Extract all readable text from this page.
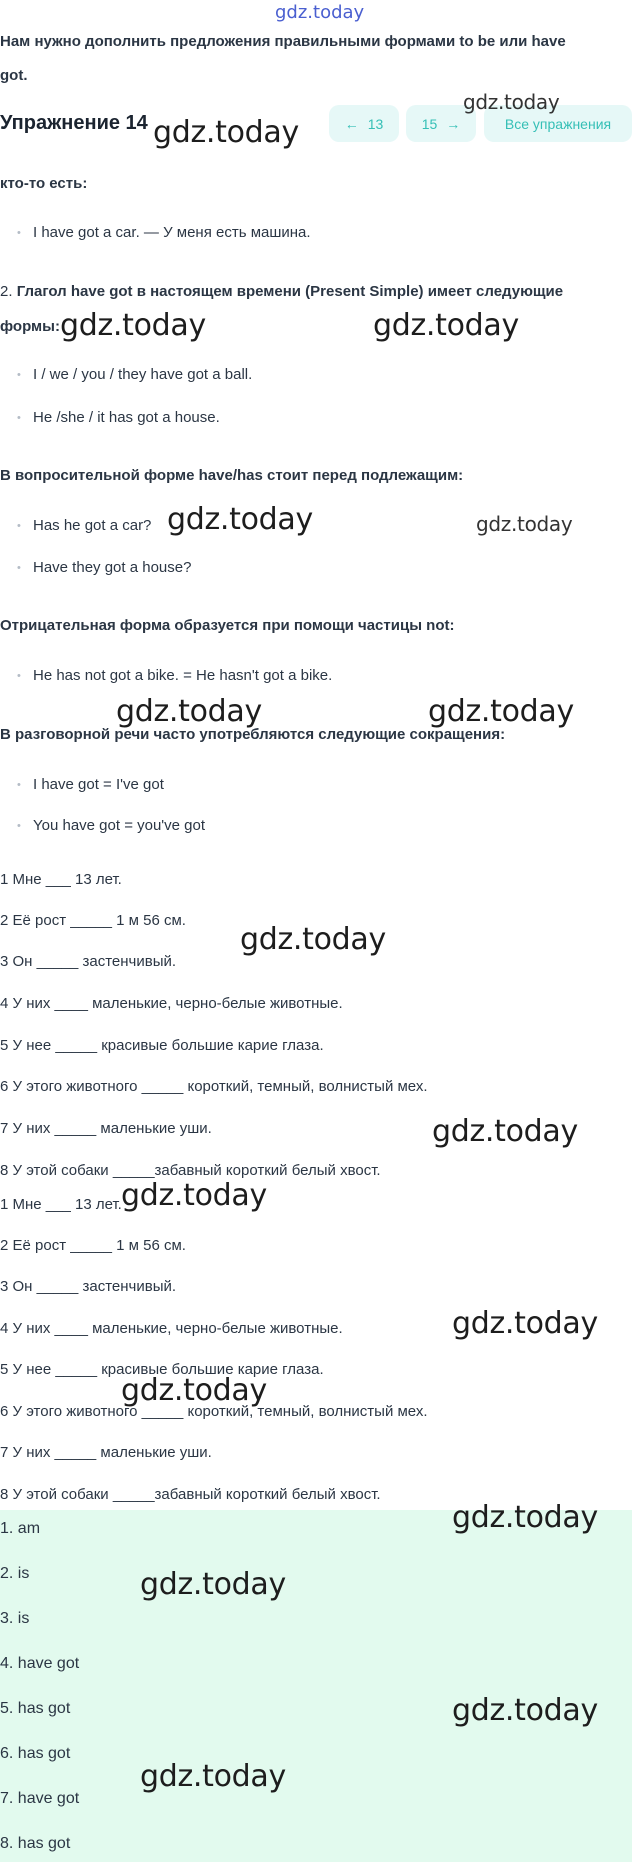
gdz.today
Нам нужно дополнить предложения правильными формами to be или have
got.
Упражнение 14	← 13	15 →	Все упражнения
кто-то есть:
• I have got a car. — У меня есть машина.
2. Глагол have got в настоящем времени (Present Simple) имеет следующие
формы:
• I / we / you / they have got a ball.
• He /she / it has got a house.
В вопросительной форме have/has стоит перед подлежащим:
• Has he got a car?
• Have they got a house?
Отрицательная форма образуется при помощи частицы not:
• He has not got a bike. = He hasn't got a bike.
В разговорной речи часто употребляются следующие сокращения:
• I have got = I've got
• You have got = you've got
1 Мне ___ 13 лет.
2 Её рост _____ 1 м 56 см.
3 Он _____ застенчивый.
4 У них ____ маленькие, черно-белые животные.
5 У нее _____ красивые большие карие глаза.
6 У этого животного _____ короткий, темный, волнистый мех.
7 У них _____ маленькие уши.
8 У этой собаки _____забавный короткий белый хвост.
1 Мне ___ 13 лет.
2 Её рост _____ 1 м 56 см.
3 Он _____ застенчивый.
4 У них ____ маленькие, черно-белые животные.
5 У нее _____ красивые большие карие глаза.
6 У этого животного _____ короткий, темный, волнистый мех.
7 У них _____ маленькие уши.
8 У этой собаки _____забавный короткий белый хвост.
1. am
2. is
3. is
4. have got
5. has got
6. has got
7. have got
8. has got
gdz.today
gdz.today
gdz.today	gdz.today
gdz.today	gdz.today
gdz.today	gdz.today
gdz.today
gdz.today
gdz.today
gdz.today
gdz.today
gdz.today
gdz.today
gdz.today
gdz.today
